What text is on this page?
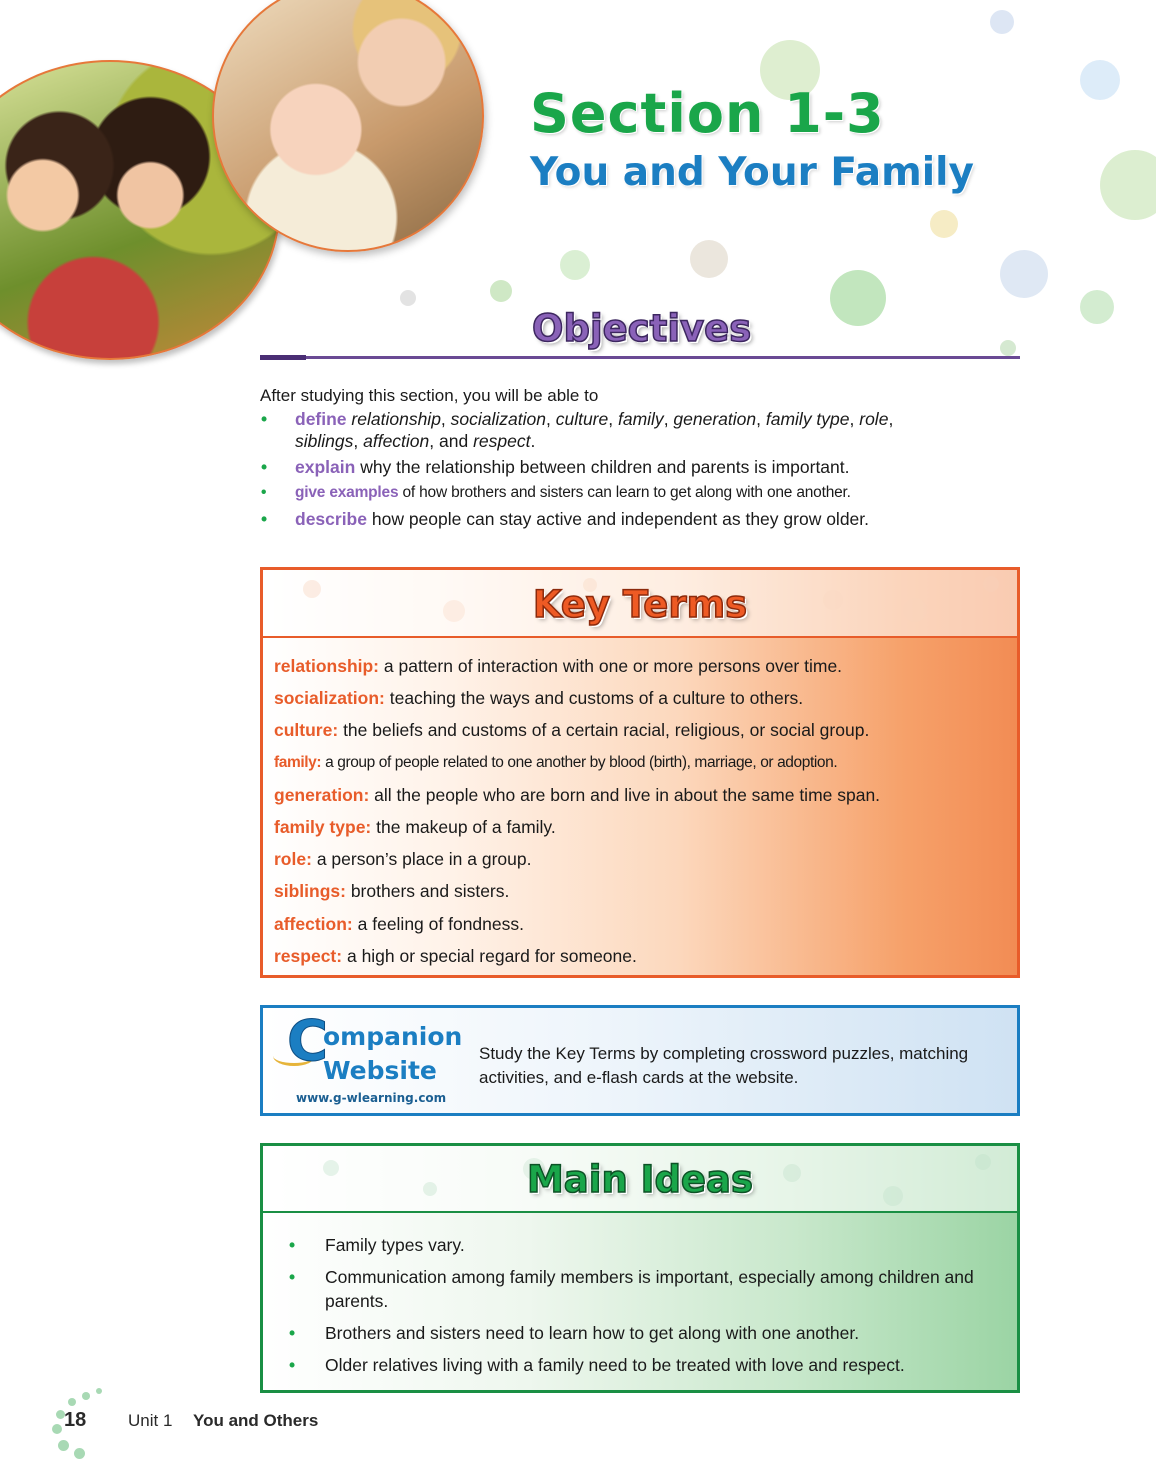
Section 1-3
You and Your Family
Objectives

After studying this section, you will be able to

• define relationship, socialization, culture, family, generation, family type, role,
siblings, affection, and respect.
• explain why the relationship between children and parents is important.
• give examples of how brothers and sisters can learn to get along with one another.
• describe how people can stay active and independent as they grow older.
Key Terms
relationship: a pattern of interaction with one or more persons over time.
socialization: teaching the ways and customs of a culture to others.
culture: the beliefs and customs of a certain racial, religious, or social group.
family: a group of people related to one another by blood (birth), marriage, or adoption.
generation: all the people who are born and live in about the same time span.
family type: the makeup of a family.
role: a person’s place in a group.
siblings: brothers and sisters.
affection: a feeling of fondness.
respect: a high or special regard for someone.
C
ompanion
Website
www.g-wlearning.com

Study the Key Terms by completing crossword puzzles, matching activities, and e-flash cards at the website.

Main Ideas
• Family types vary.
• Communication among family members is important, especially among children and parents.
• Brothers and sisters need to learn how to get along with one another.
• Older relatives living with a family need to be treated with love and respect.
18 Unit 1 You and Others
